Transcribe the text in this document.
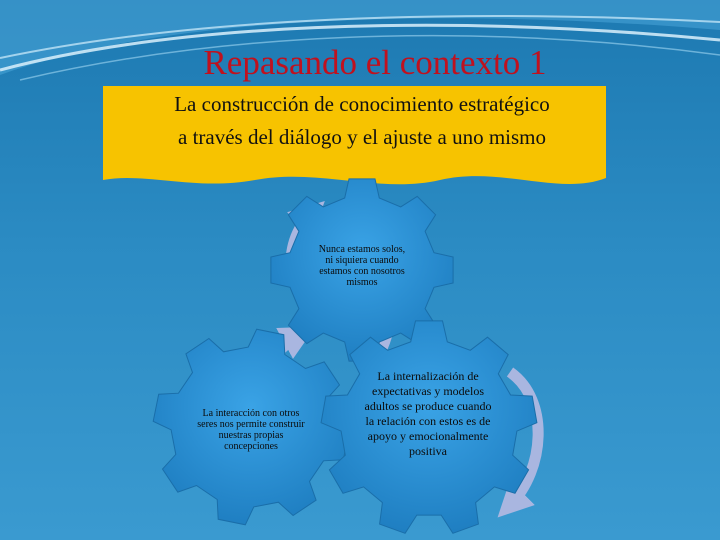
Repasando el contexto 1
La construcción de conocimiento estratégico
a través del diálogo y el ajuste a uno mismo
Nunca estamos solos, ni siquiera cuando estamos con nosotros mismos
La interacción con otros seres nos permite construir nuestras propias concepciones
La internalización de expectativas y modelos adultos se produce cuando la relación con estos es de apoyo y emocionalmente positiva
